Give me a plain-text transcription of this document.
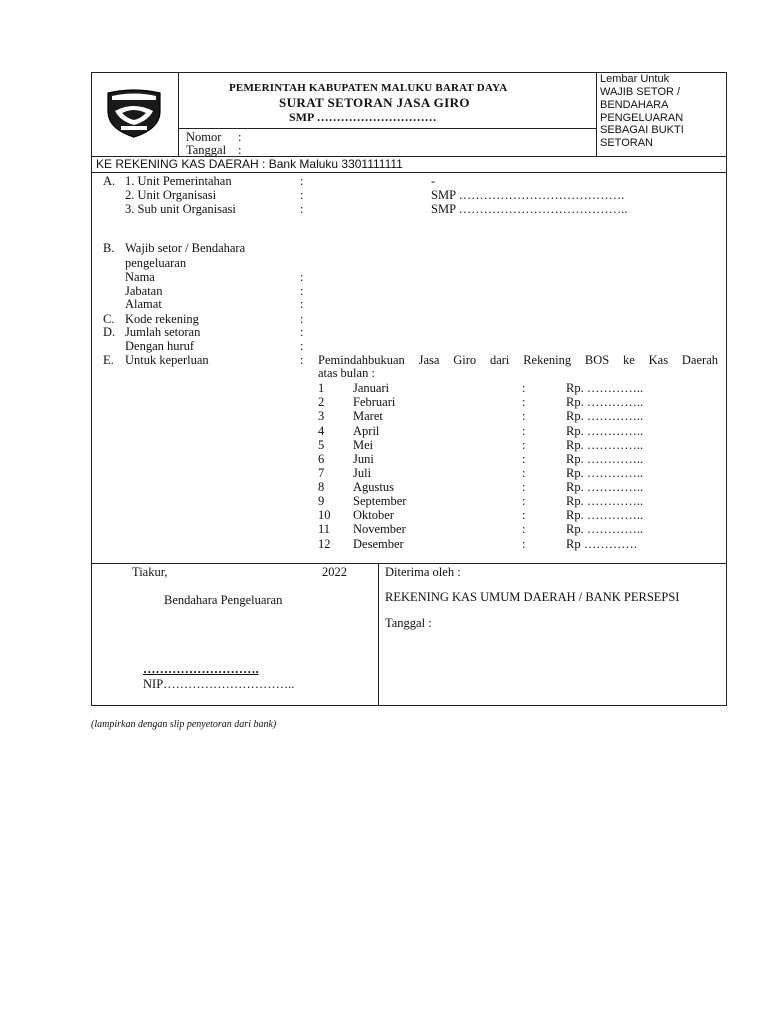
PEMERINTAH KABUPATEN MALUKU BARAT DAYA
SURAT SETORAN JASA GIRO
SMP …………………………
Nomor :
Tanggal :
Lembar Untuk
WAJIB SETOR /
BENDAHARA
PENGELUARAN
SEBAGAI BUKTI
SETORAN
KE REKENING KAS DAERAH : Bank Maluku 3301111111
A. 1. Unit Pemerintahan	:	-
2. Unit Organisasi	:	SMP ………………………………….
3. Sub unit Organisasi	:	SMP …………………………………..
B. Wajib setor / Bendahara
pengeluaran
Nama	:
Jabatan	:
Alamat	:
C. Kode rekening	:
D. Jumlah setoran	:
Dengan huruf	:
E. Untuk keperluan	: Pemindahbukuan Jasa Giro dari Rekening BOS ke Kas Daerah
atas bulan :
1 Januari	:	Rp. …………..
2 Februari	:	Rp. …………..
3 Maret	:	Rp. …………..
4 April	:	Rp. …………..
5 Mei	:	Rp. …………..
6 Juni	:	Rp. …………..
7 Juli	:	Rp. …………..
8 Agustus	:	Rp. …………..
9 September	:	Rp. …………..
10 Oktober	:	Rp. …………..
11 November	:	Rp. …………..
12 Desember	:	Rp ………….
Tiakur,	2022
Bendahara Pengeluaran
……………………….
NIP…………………………..
Diterima oleh :
REKENING KAS UMUM DAERAH / BANK PERSEPSI
Tanggal :
(lampirkan dengan slip penyetoran dari bank)
